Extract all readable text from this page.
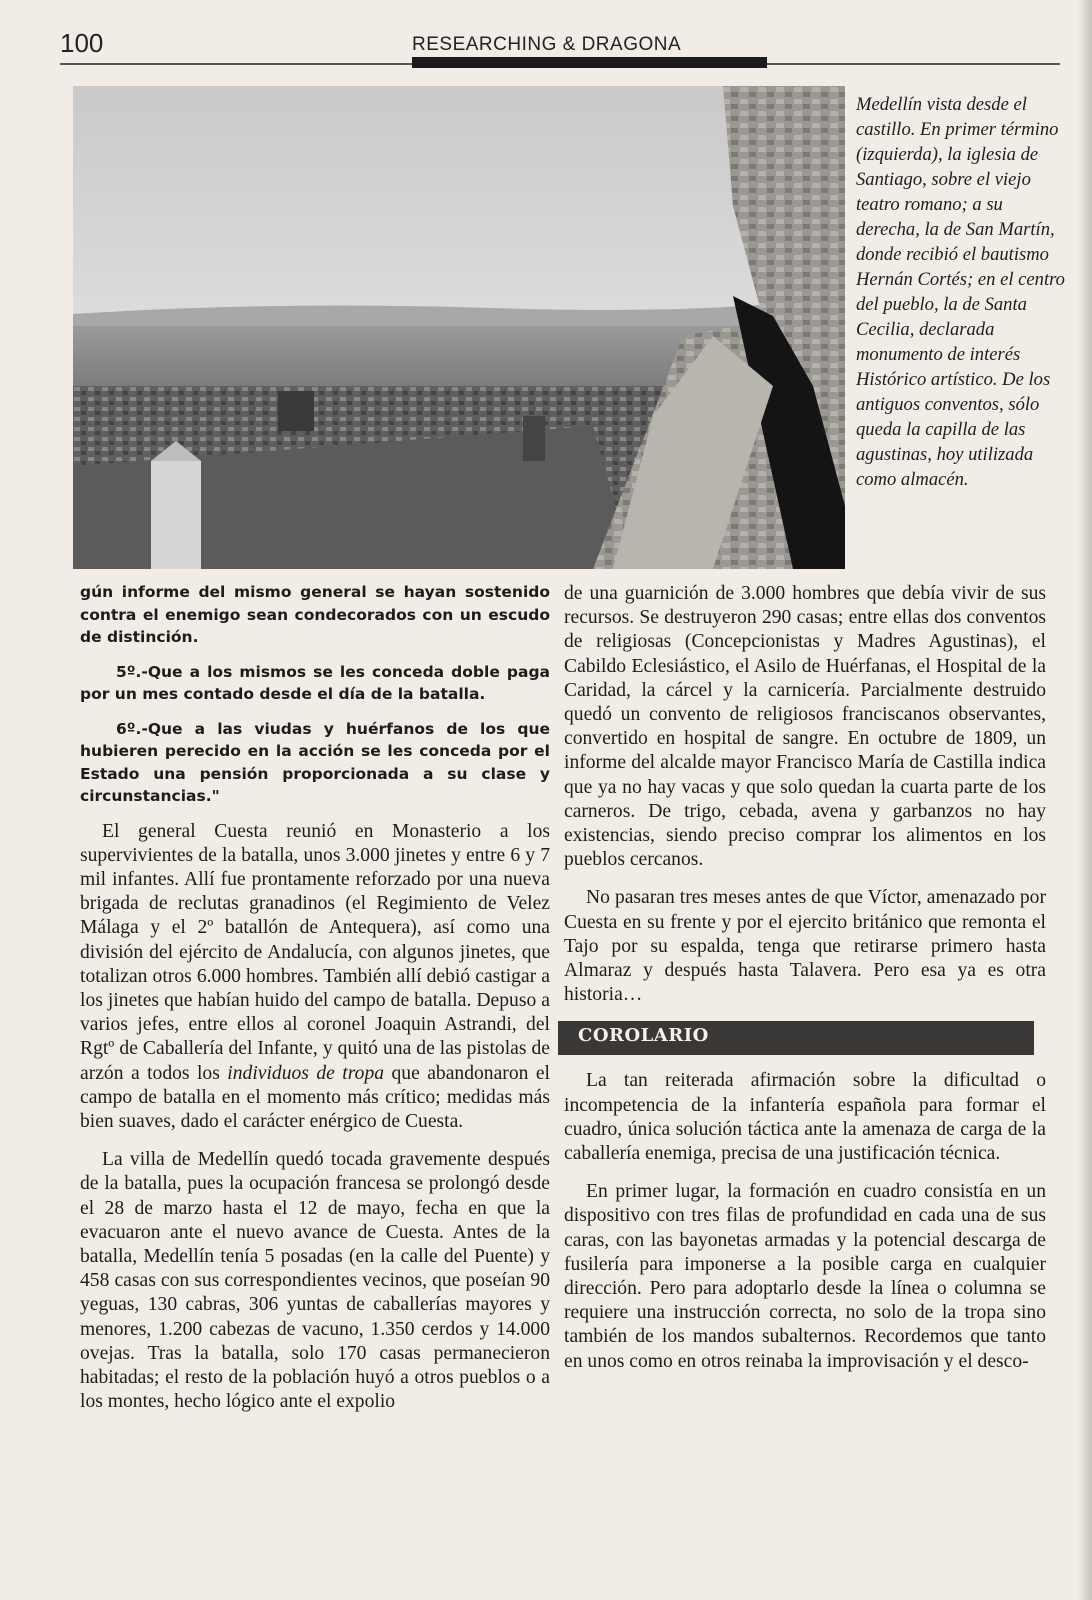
100	RESEARCHING & DRAGONA

Medellín vista desde el castillo. En primer término (izquierda), la iglesia de Santiago, sobre el viejo teatro romano; a su derecha, la de San Martín, donde recibió el bautismo Hernán Cortés; en el centro del pueblo, la de Santa Cecilia, declarada monumento de interés Histórico artístico. De los antiguos conventos, sólo queda la capilla de las agustinas, hoy utilizada como almacén.

gún informe del mismo general se hayan sostenido contra el enemigo sean condecorados con un escudo de distinción.

5º.-Que a los mismos se les conceda doble paga por un mes contado desde el día de la batalla.

6º.-Que a las viudas y huérfanos de los que hubieren perecido en la acción se les conceda por el Estado una pensión proporcionada a su clase y circunstancias."

El general Cuesta reunió en Monasterio a los supervivientes de la batalla, unos 3.000 jinetes y entre 6 y 7 mil infantes. Allí fue prontamente reforzado por una nueva brigada de reclutas granadinos (el Regimiento de Velez Málaga y el 2º batallón de Antequera), así como una división del ejército de Andalucía, con algunos jinetes, que totalizan otros 6.000 hombres. También allí debió castigar a los jinetes que habían huido del campo de batalla. Depuso a varios jefes, entre ellos al coronel Joaquin Astrandi, del Rgtº de Caballería del Infante, y quitó una de las pistolas de arzón a todos los individuos de tropa que abandonaron el campo de batalla en el momento más crítico; medidas más bien suaves, dado el carácter enérgico de Cuesta.

La villa de Medellín quedó tocada gravemente después de la batalla, pues la ocupación francesa se prolongó desde el 28 de marzo hasta el 12 de mayo, fecha en que la evacuaron ante el nuevo avance de Cuesta. Antes de la batalla, Medellín tenía 5 posadas (en la calle del Puente) y 458 casas con sus correspondientes vecinos, que poseían 90 yeguas, 130 cabras, 306 yuntas de caballerías mayores y menores, 1.200 cabezas de vacuno, 1.350 cerdos y 14.000 ovejas. Tras la batalla, solo 170 casas permanecieron habitadas; el resto de la población huyó a otros pueblos o a los montes, hecho lógico ante el expolio

de una guarnición de 3.000 hombres que debía vivir de sus recursos. Se destruyeron 290 casas; entre ellas dos conventos de religiosas (Concepcionistas y Madres Agustinas), el Cabildo Eclesiástico, el Asilo de Huérfanas, el Hospital de la Caridad, la cárcel y la carnicería. Parcialmente destruido quedó un convento de religiosos franciscanos observantes, convertido en hospital de sangre. En octubre de 1809, un informe del alcalde mayor Francisco María de Castilla indica que ya no hay vacas y que solo quedan la cuarta parte de los carneros. De trigo, cebada, avena y garbanzos no hay existencias, siendo preciso comprar los alimentos en los pueblos cercanos.

No pasaran tres meses antes de que Víctor, amenazado por Cuesta en su frente y por el ejercito británico que remonta el Tajo por su espalda, tenga que retirarse primero hasta Almaraz y después hasta Talavera. Pero esa ya es otra historia…

COROLARIO

La tan reiterada afirmación sobre la dificultad o incompetencia de la infantería española para formar el cuadro, única solución táctica ante la amenaza de carga de la caballería enemiga, precisa de una justificación técnica.

En primer lugar, la formación en cuadro consistía en un dispositivo con tres filas de profundidad en cada una de sus caras, con las bayonetas armadas y la potencial descarga de fusilería para imponerse a la posible carga en cualquier dirección. Pero para adoptarlo desde la línea o columna se requiere una instrucción correcta, no solo de la tropa sino también de los mandos subalternos. Recordemos que tanto en unos como en otros reinaba la improvisación y el desco-
